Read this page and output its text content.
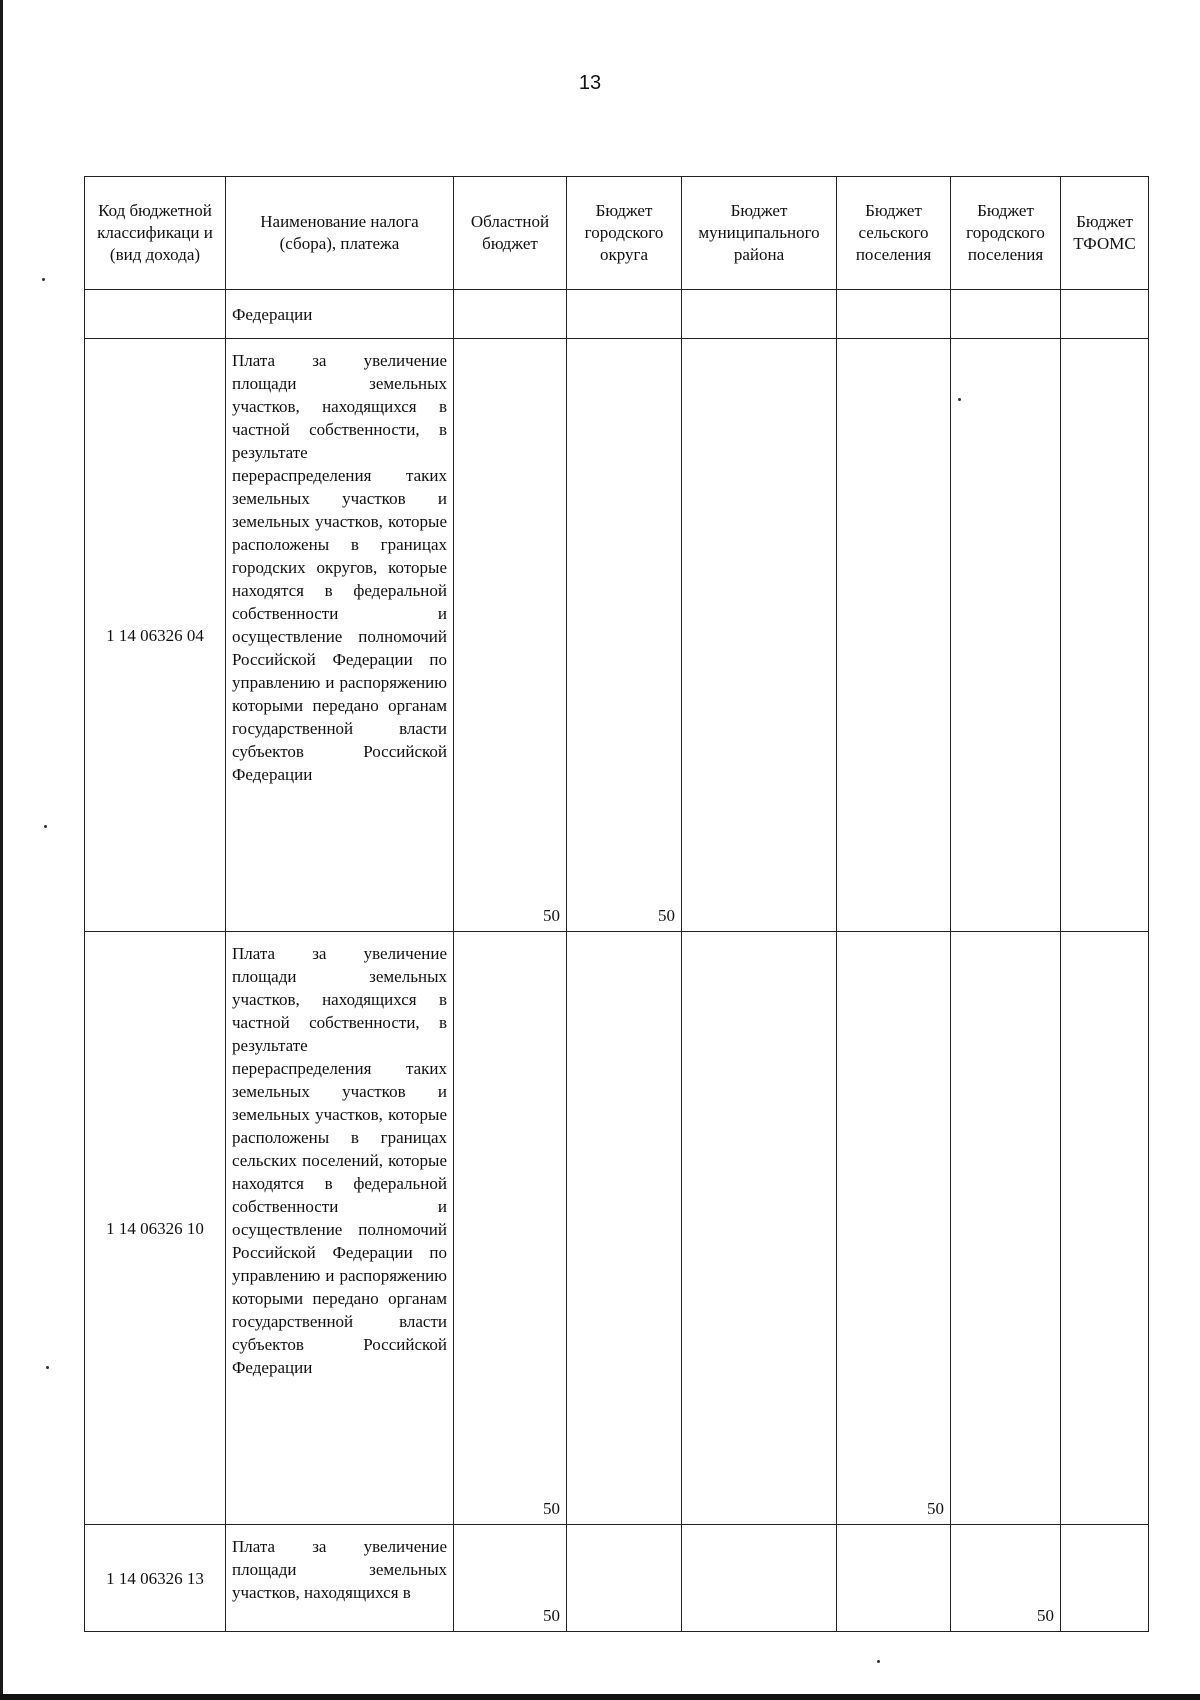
13
Код бюджетной классификаци и (вид дохода)	Наименование налога (сбора), платежа	Областной бюджет	Бюджет городского округа	Бюджет муниципального района	Бюджет сельского поселения	Бюджет городского поселения	Бюджет ТФОМС
	Федерации						
1 14 06326 04	Плата за увеличение площади земельных участков, находящихся в частной собственности, в результате перераспределения таких земельных участков и земельных участков, которые расположены в границах городских округов, которые находятся в федеральной собственности и осуществление полномочий Российской Федерации по управлению и распоряжению которыми передано органам государственной власти субъектов Российской Федерации	50	50				
1 14 06326 10	Плата за увеличение площади земельных участков, находящихся в частной собственности, в результате перераспределения таких земельных участков и земельных участков, которые расположены в границах сельских поселений, которые находятся в федеральной собственности и осуществление полномочий Российской Федерации по управлению и распоряжению которыми передано органам государственной власти субъектов Российской Федерации	50			50		
1 14 06326 13	Плата за увеличение площади земельных участков, находящихся в	50				50	
